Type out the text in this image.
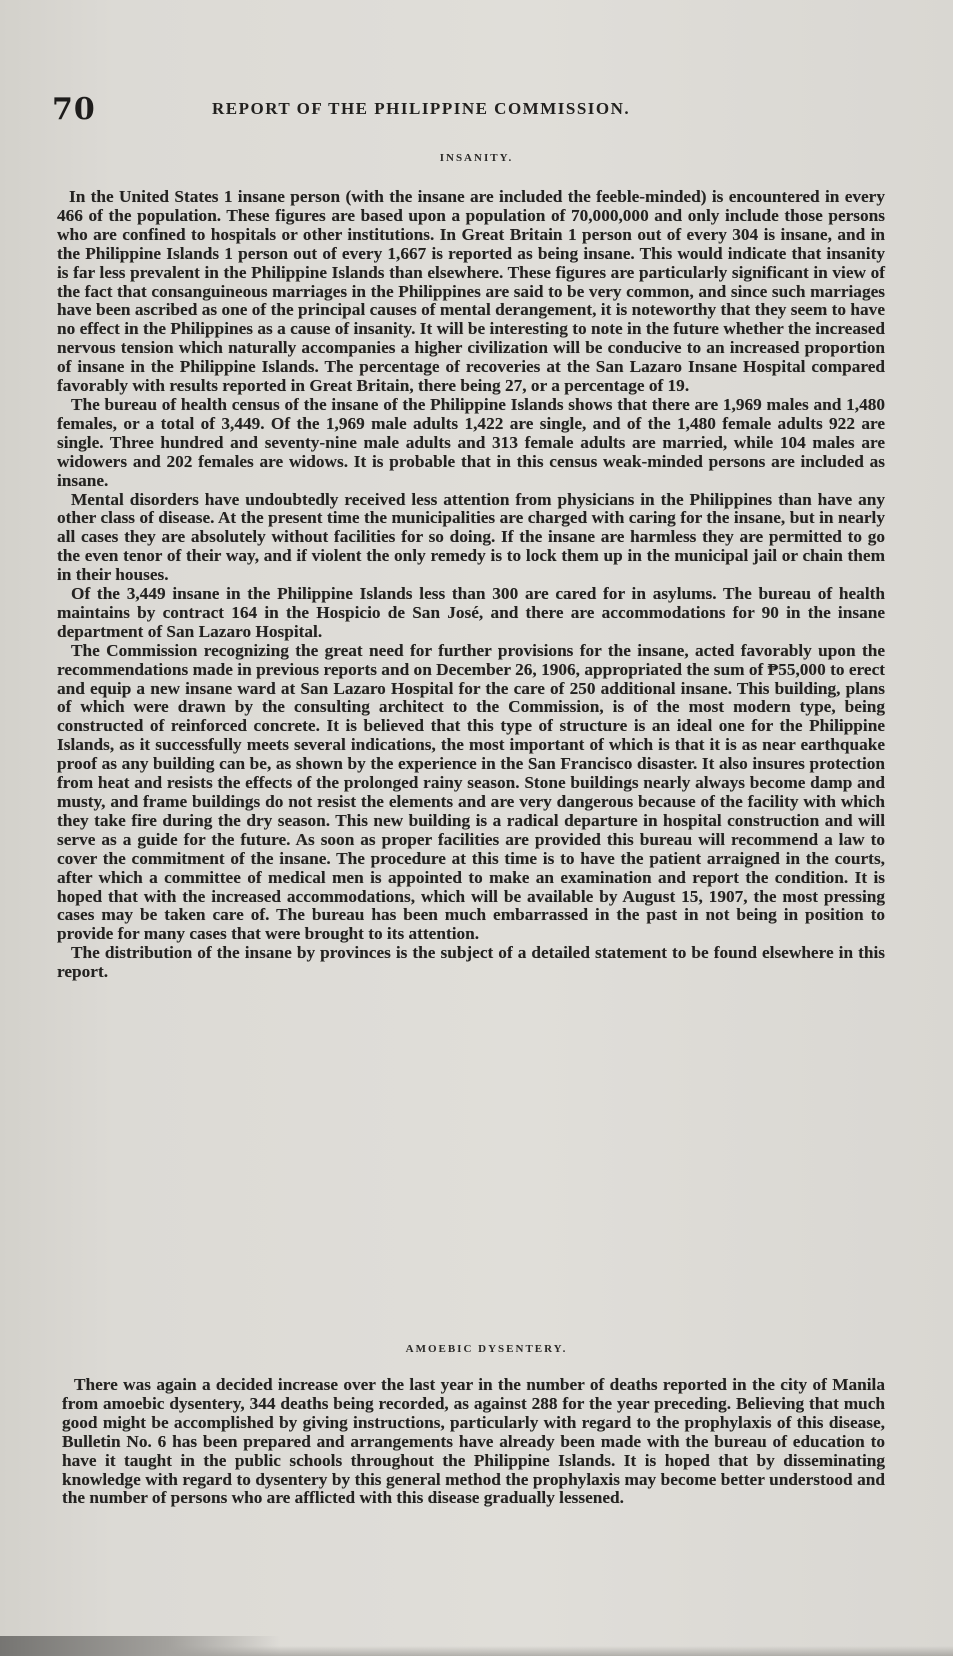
70	REPORT OF THE PHILIPPINE COMMISSION.
INSANITY.

In the United States 1 insane person (with the insane are included the feeble-minded) is encountered in every 466 of the population. These figures are based upon a population of 70,000,000 and only include those persons who are confined to hospitals or other institutions. In Great Britain 1 person out of every 304 is insane, and in the Philippine Islands 1 person out of every 1,667 is reported as being insane. This would indicate that insanity is far less prevalent in the Philippine Islands than elsewhere. These figures are particularly significant in view of the fact that consanguineous marriages in the Philippines are said to be very common, and since such marriages have been ascribed as one of the principal causes of mental derangement, it is noteworthy that they seem to have no effect in the Philippines as a cause of insanity. It will be interesting to note in the future whether the increased nervous tension which naturally accompanies a higher civilization will be conducive to an increased proportion of insane in the Philippine Islands. The percentage of recoveries at the San Lazaro Insane Hospital compared favorably with results reported in Great Britain, there being 27, or a percentage of 19.

The bureau of health census of the insane of the Philippine Islands shows that there are 1,969 males and 1,480 females, or a total of 3,449. Of the 1,969 male adults 1,422 are single, and of the 1,480 female adults 922 are single. Three hundred and seventy-nine male adults and 313 female adults are married, while 104 males are widowers and 202 females are widows. It is probable that in this census weak-minded persons are included as insane.

Mental disorders have undoubtedly received less attention from physicians in the Philippines than have any other class of disease. At the present time the municipalities are charged with caring for the insane, but in nearly all cases they are absolutely without facilities for so doing. If the insane are harmless they are permitted to go the even tenor of their way, and if violent the only remedy is to lock them up in the municipal jail or chain them in their houses.

Of the 3,449 insane in the Philippine Islands less than 300 are cared for in asylums. The bureau of health maintains by contract 164 in the Hospicio de San José, and there are accommodations for 90 in the insane department of San Lazaro Hospital.

The Commission recognizing the great need for further provisions for the insane, acted favorably upon the recommendations made in previous reports and on December 26, 1906, appropriated the sum of ₱55,000 to erect and equip a new insane ward at San Lazaro Hospital for the care of 250 additional insane. This building, plans of which were drawn by the consulting architect to the Commission, is of the most modern type, being constructed of reinforced concrete. It is believed that this type of structure is an ideal one for the Philippine Islands, as it successfully meets several indications, the most important of which is that it is as near earthquake proof as any building can be, as shown by the experience in the San Francisco disaster. It also insures protection from heat and resists the effects of the prolonged rainy season. Stone buildings nearly always become damp and musty, and frame buildings do not resist the elements and are very dangerous because of the facility with which they take fire during the dry season. This new building is a radical departure in hospital construction and will serve as a guide for the future. As soon as proper facilities are provided this bureau will recommend a law to cover the commitment of the insane. The procedure at this time is to have the patient arraigned in the courts, after which a committee of medical men is appointed to make an examination and report the condition. It is hoped that with the increased accommodations, which will be available by August 15, 1907, the most pressing cases may be taken care of. The bureau has been much embarrassed in the past in not being in position to provide for many cases that were brought to its attention.

The distribution of the insane by provinces is the subject of a detailed statement to be found elsewhere in this report.

AMOEBIC DYSENTERY.

There was again a decided increase over the last year in the number of deaths reported in the city of Manila from amoebic dysentery, 344 deaths being recorded, as against 288 for the year preceding. Believing that much good might be accomplished by giving instructions, particularly with regard to the prophylaxis of this disease, Bulletin No. 6 has been prepared and arrangements have already been made with the bureau of education to have it taught in the public schools throughout the Philippine Islands. It is hoped that by disseminating knowledge with regard to dysentery by this general method the prophylaxis may become better understood and the number of persons who are afflicted with this disease gradually lessened.
